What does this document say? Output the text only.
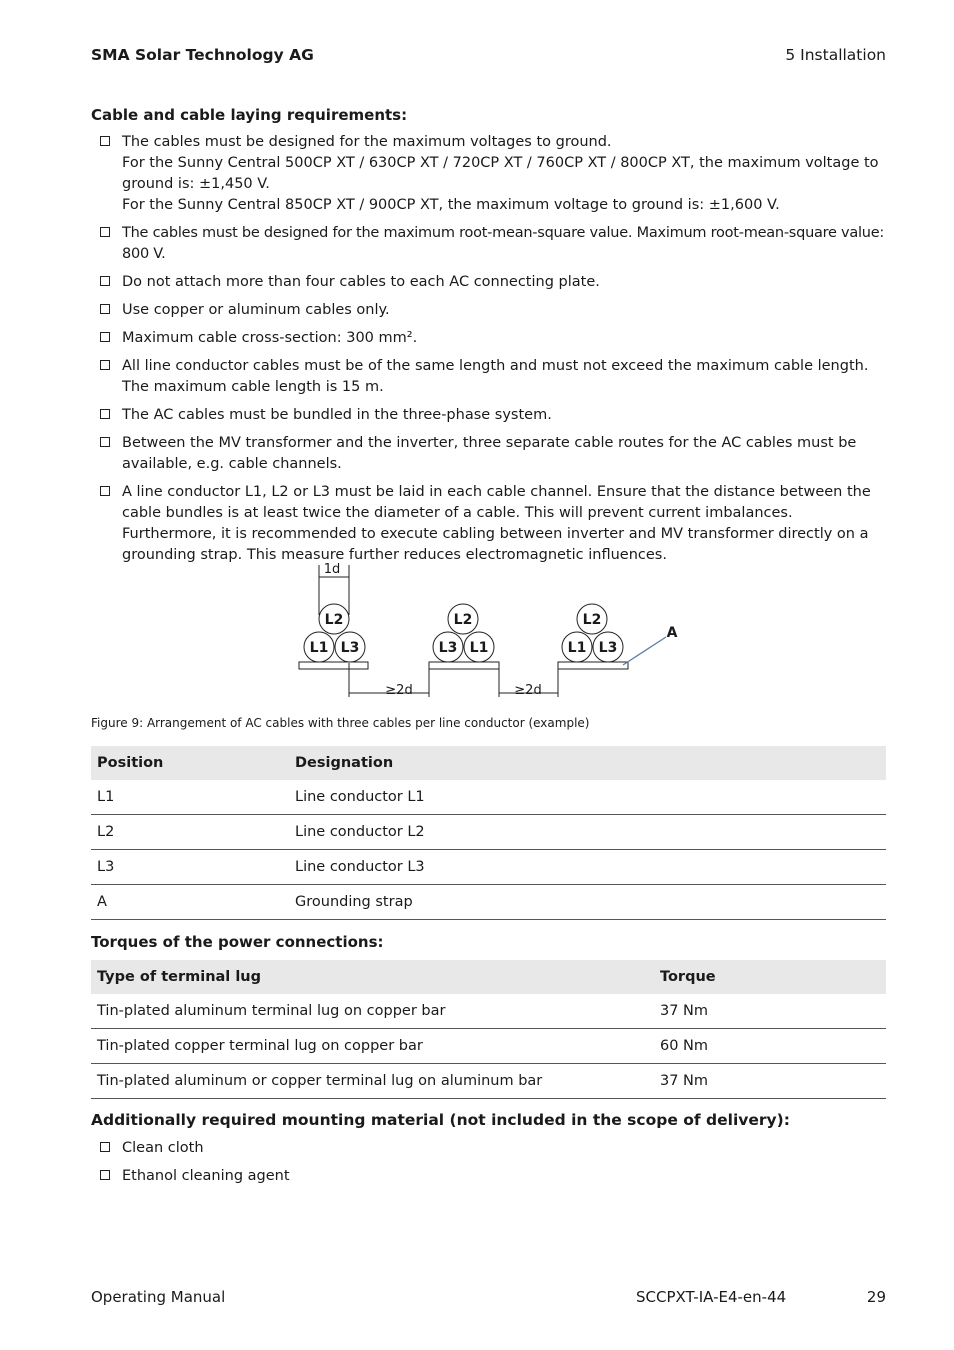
SMA Solar Technology AG	5 Installation
Cable and cable laying requirements:
The cables must be designed for the maximum voltages to ground.
For the Sunny Central 500CP XT / 630CP XT / 720CP XT / 760CP XT / 800CP XT, the maximum voltage to ground is: ±1,450 V.
For the Sunny Central 850CP XT / 900CP XT, the maximum voltage to ground is: ±1,600 V.
The cables must be designed for the maximum root-mean-square value. Maximum root-mean-square value: 800 V.
Do not attach more than four cables to each AC connecting plate.
Use copper or aluminum cables only.
Maximum cable cross-section: 300 mm².
All line conductor cables must be of the same length and must not exceed the maximum cable length. The maximum cable length is 15 m.
The AC cables must be bundled in the three-phase system.
Between the MV transformer and the inverter, three separate cable routes for the AC cables must be available, e.g. cable channels.
A line conductor L1, L2 or L3 must be laid in each cable channel. Ensure that the distance between the cable bundles is at least twice the diameter of a cable. This will prevent current imbalances. Furthermore, it is recommended to execute cabling between inverter and MV transformer directly on a grounding strap. This measure further reduces electromagnetic influences.
L2
L1 L3
L2
L3 L1
L2
L1 L3
A
1d
≥2d	≥2d
Figure 9: Arrangement of AC cables with three cables per line conductor (example)
Position	Designation
L1	Line conductor L1
L2	Line conductor L2
L3	Line conductor L3
A	Grounding strap
Torques of the power connections:
Type of terminal lug	Torque
Tin-plated aluminum terminal lug on copper bar	37 Nm
Tin-plated copper terminal lug on copper bar	60 Nm
Tin-plated aluminum or copper terminal lug on aluminum bar	37 Nm
Additionally required mounting material (not included in the scope of delivery):
Clean cloth
Ethanol cleaning agent
Operating Manual	SCCPXT-IA-E4-en-44	29
